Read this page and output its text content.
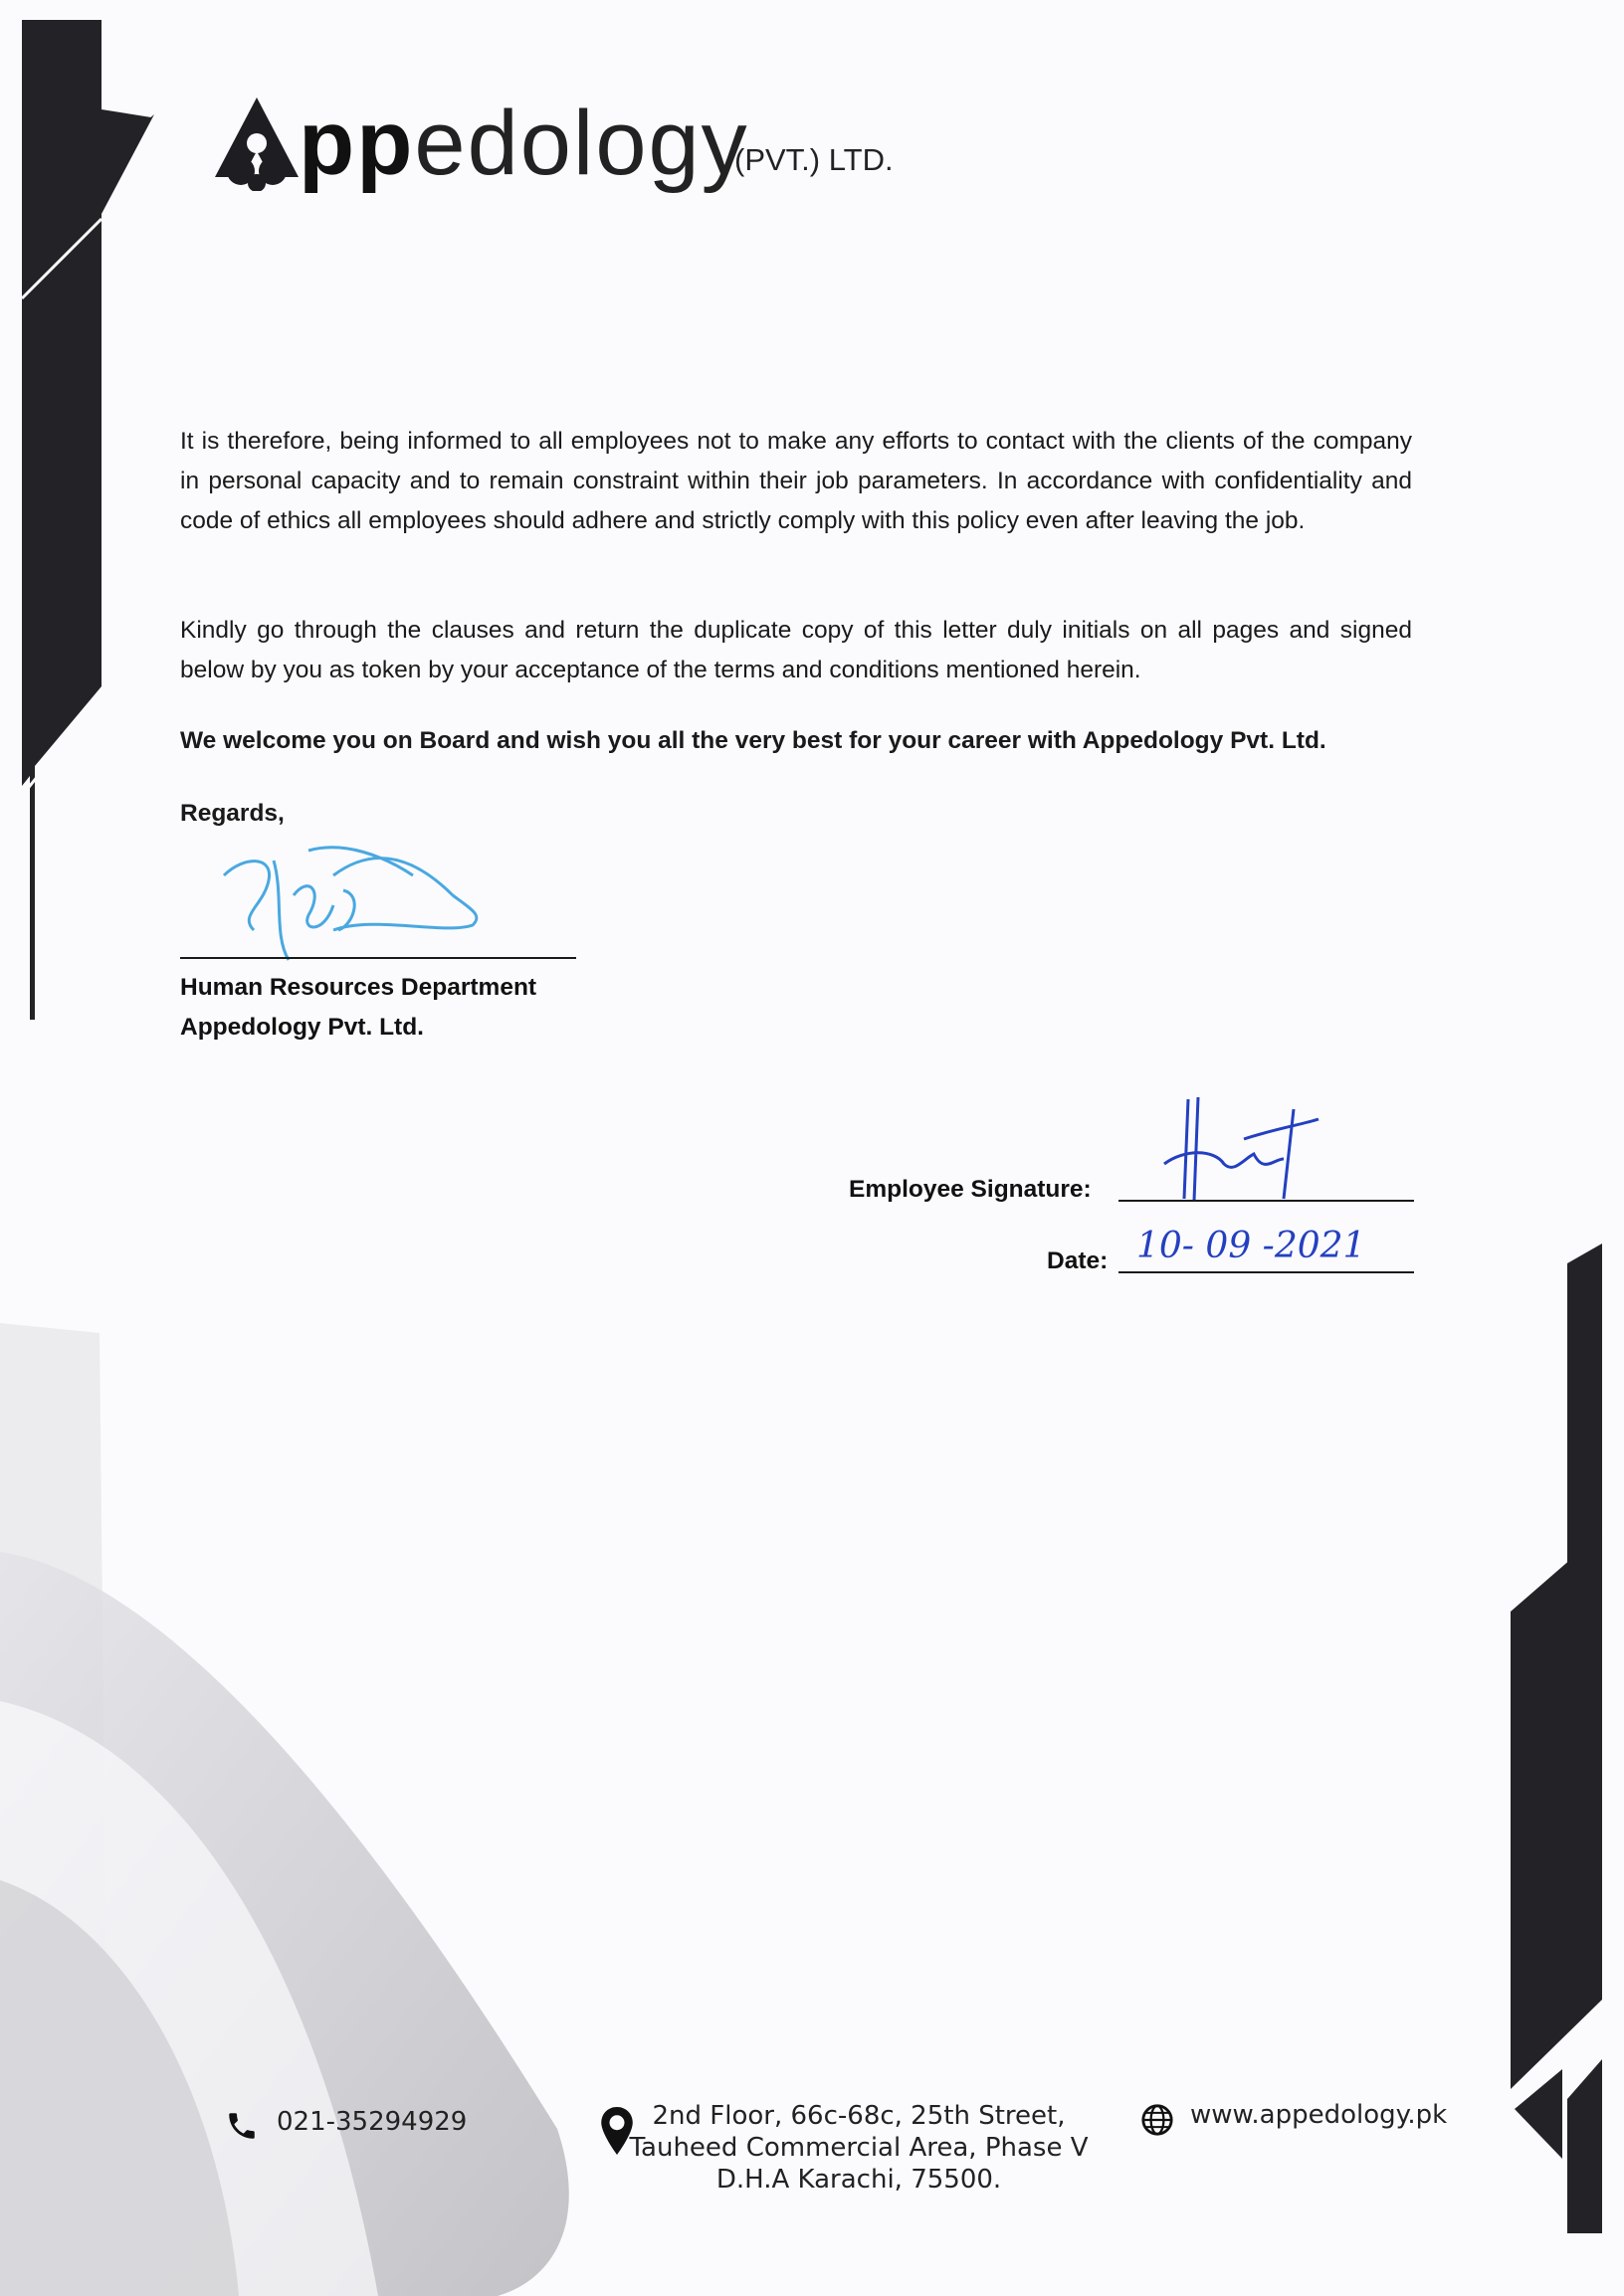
ppedology
(PVT.) LTD.

It is therefore, being informed to all employees not to make any efforts to contact with the clients of the company in personal capacity and to remain constraint within their job parameters. In accordance with confidentiality and code of ethics all employees should adhere and strictly comply with this policy even after leaving the job.

Kindly go through the clauses and return the duplicate copy of this letter duly initials on all pages and signed below by you as token by your acceptance of the terms and conditions mentioned herein.

We welcome you on Board and wish you all the very best for your career with Appedology Pvt. Ltd.

Regards,

Human Resources Department
Appedology Pvt. Ltd.
Employee Signature:
Date: 10- 09 -2021
021-35294929	2nd Floor, 66c-68c, 25th Street,
Tauheed Commercial Area, Phase V
D.H.A Karachi, 75500.
www.appedology.pk
